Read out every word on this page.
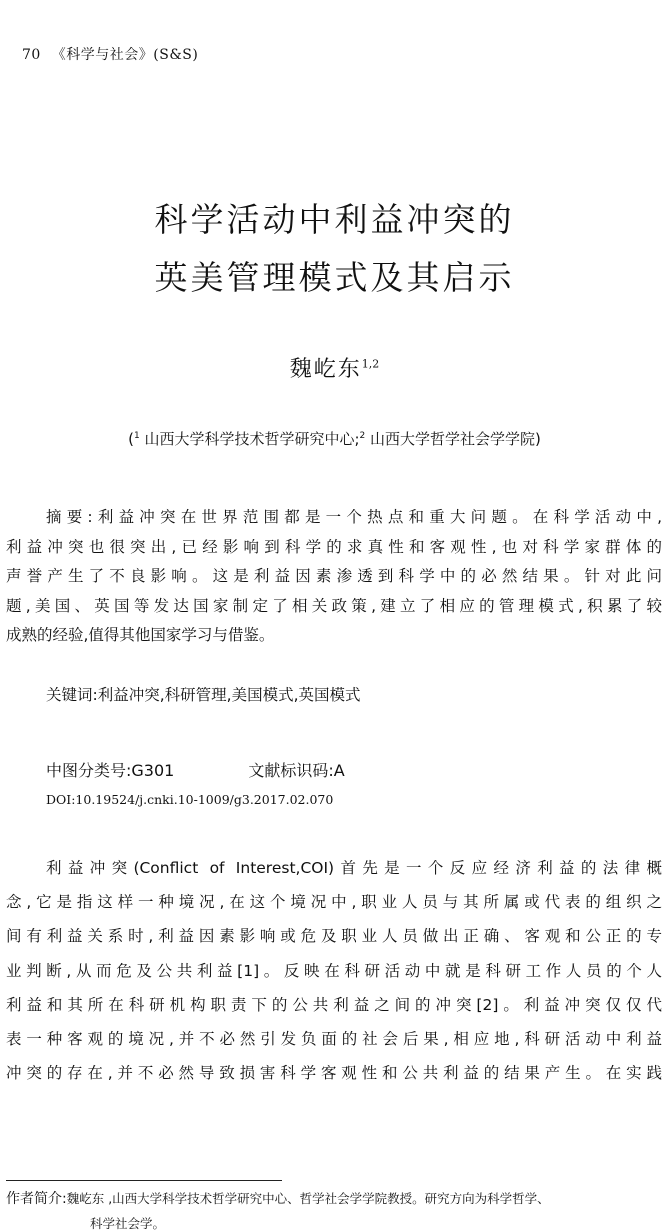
70 《科学与社会》(S&S)
科学活动中利益冲突的
英美管理模式及其启示
魏屹东$^{1,2}$
($^1$ 山西大学科学技术哲学研究中心;$^2$ 山西大学哲学社会学学院)
摘要:利益冲突在世界范围都是一个热点和重大问题。在科学活动中,
利益冲突也很突出,已经影响到科学的求真性和客观性,也对科学家群体的
声誉产生了不良影响。这是利益因素渗透到科学中的必然结果。针对此问
题,美国、英国等发达国家制定了相关政策,建立了相应的管理模式,积累了较
成熟的经验,值得其他国家学习与借鉴。
关键词:利益冲突,科研管理,美国模式,英国模式
中图分类号:G301	文献标识码:A
DOI:10.19524/j.cnki.10-1009/g3.2017.02.070
利益冲突(Conflict of Interest,COI)首先是一个反应经济利益的法律概
念,它是指这样一种境况,在这个境况中,职业人员与其所属或代表的组织之
间有利益关系时,利益因素影响或危及职业人员做出正确、客观和公正的专
业判断,从而危及公共利益[1]。反映在科研活动中就是科研工作人员的个人
利益和其所在科研机构职责下的公共利益之间的冲突[2]。利益冲突仅仅代
表一种客观的境况,并不必然引发负面的社会后果,相应地,科研活动中利益
冲突的存在,并不必然导致损害科学客观性和公共利益的结果产生。在实践
作者简介:魏屹东 ,山西大学科学技术哲学研究中心、哲学社会学学院教授。研究方向为科学哲学、
科学社会学。
